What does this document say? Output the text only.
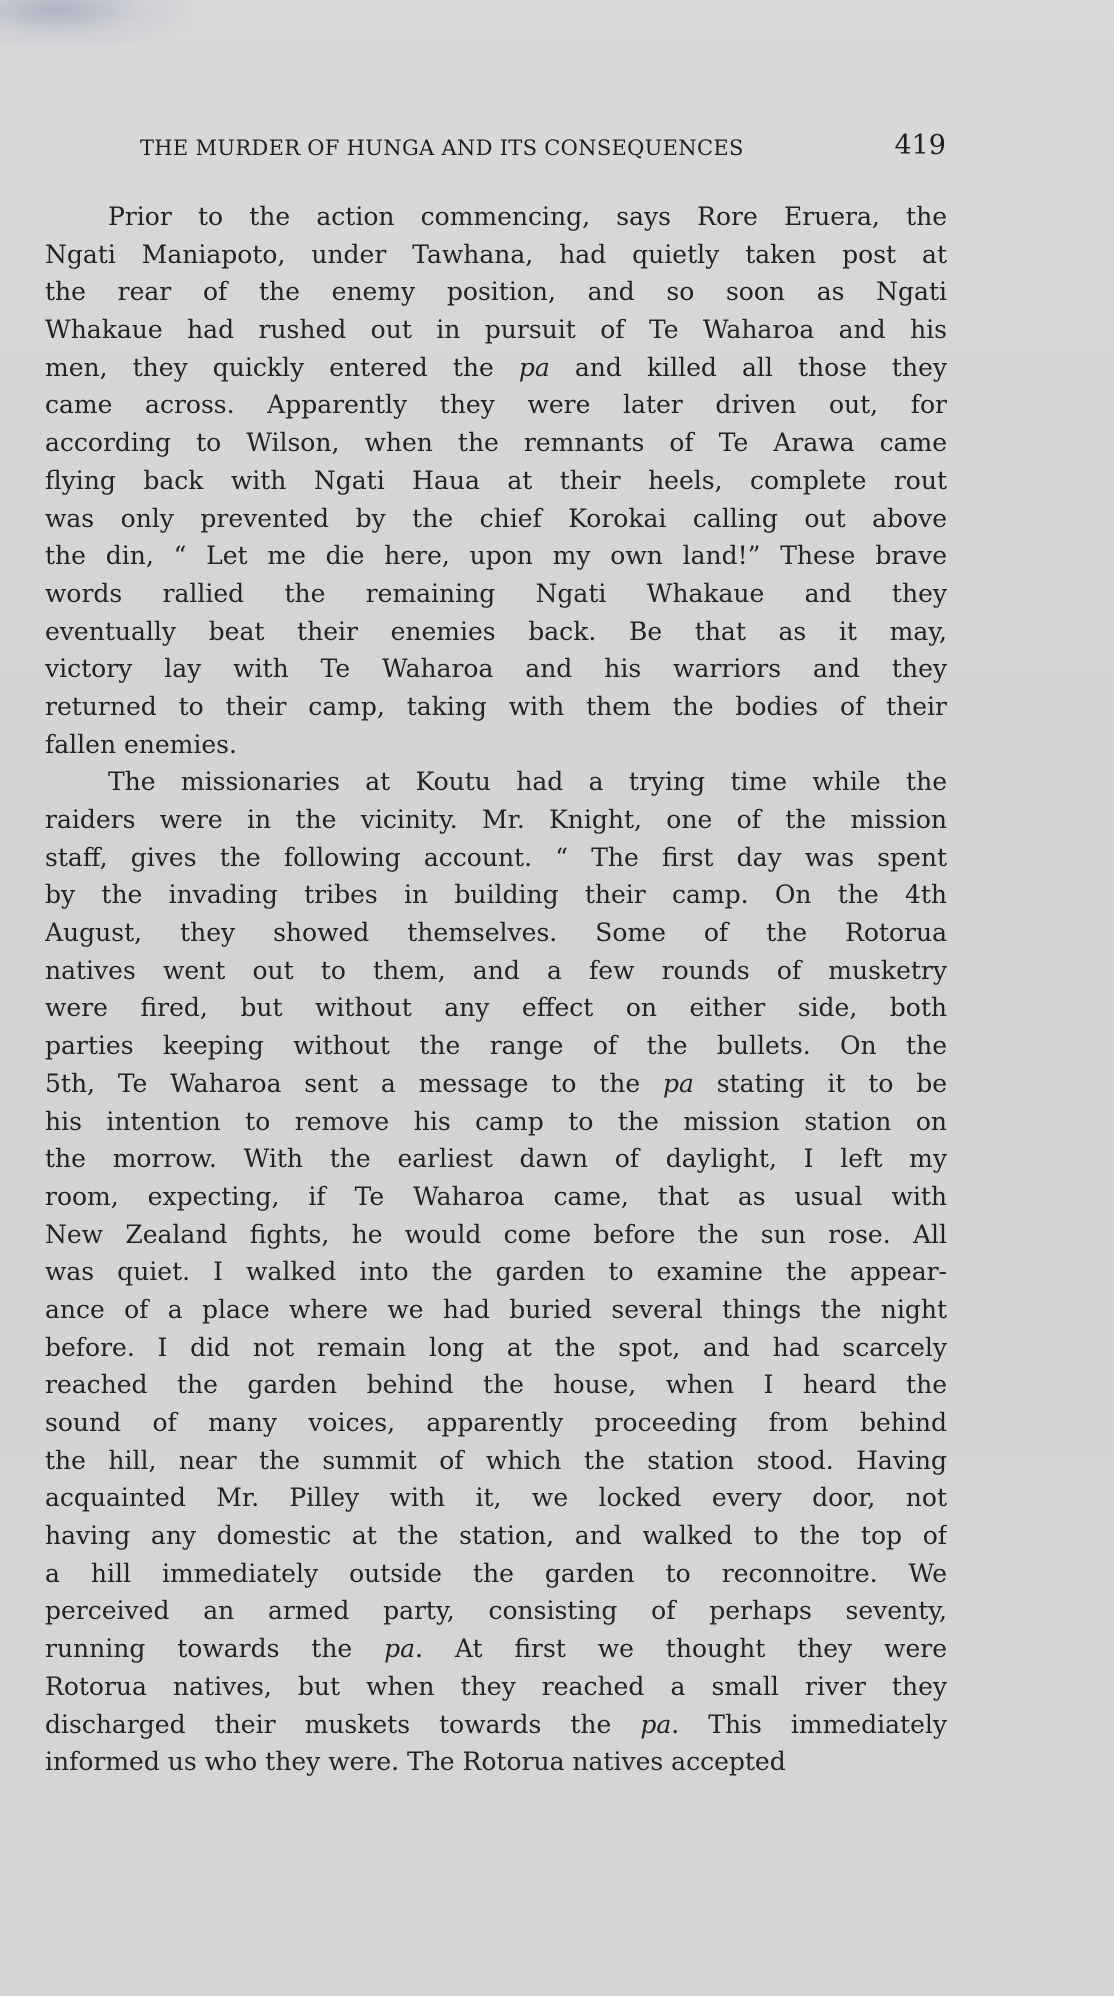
THE MURDER OF HUNGA AND ITS CONSEQUENCES	419
Prior to the action commencing, says Rore Eruera, the
Ngati Maniapoto, under Tawhana, had quietly taken post at
the rear of the enemy position, and so soon as Ngati
Whakaue had rushed out in pursuit of Te Waharoa and his
men, they quickly entered the pa and killed all those they
came across. Apparently they were later driven out, for
according to Wilson, when the remnants of Te Arawa came
flying back with Ngati Haua at their heels, complete rout
was only prevented by the chief Korokai calling out above
the din, “ Let me die here, upon my own land!” These brave
words rallied the remaining Ngati Whakaue and they
eventually beat their enemies back. Be that as it may,
victory lay with Te Waharoa and his warriors and they
returned to their camp, taking with them the bodies of their
fallen enemies.
The missionaries at Koutu had a trying time while the
raiders were in the vicinity. Mr. Knight, one of the mission
staff, gives the following account. “ The first day was spent
by the invading tribes in building their camp. On the 4th
August, they showed themselves. Some of the Rotorua
natives went out to them, and a few rounds of musketry
were fired, but without any effect on either side, both
parties keeping without the range of the bullets. On the
5th, Te Waharoa sent a message to the pa stating it to be
his intention to remove his camp to the mission station on
the morrow. With the earliest dawn of daylight, I left my
room, expecting, if Te Waharoa came, that as usual with
New Zealand fights, he would come before the sun rose. All
was quiet. I walked into the garden to examine the appear-
ance of a place where we had buried several things the night
before. I did not remain long at the spot, and had scarcely
reached the garden behind the house, when I heard the
sound of many voices, apparently proceeding from behind
the hill, near the summit of which the station stood. Having
acquainted Mr. Pilley with it, we locked every door, not
having any domestic at the station, and walked to the top of
a hill immediately outside the garden to reconnoitre. We
perceived an armed party, consisting of perhaps seventy,
running towards the pa. At first we thought they were
Rotorua natives, but when they reached a small river they
discharged their muskets towards the pa. This immediately
informed us who they were. The Rotorua natives accepted
